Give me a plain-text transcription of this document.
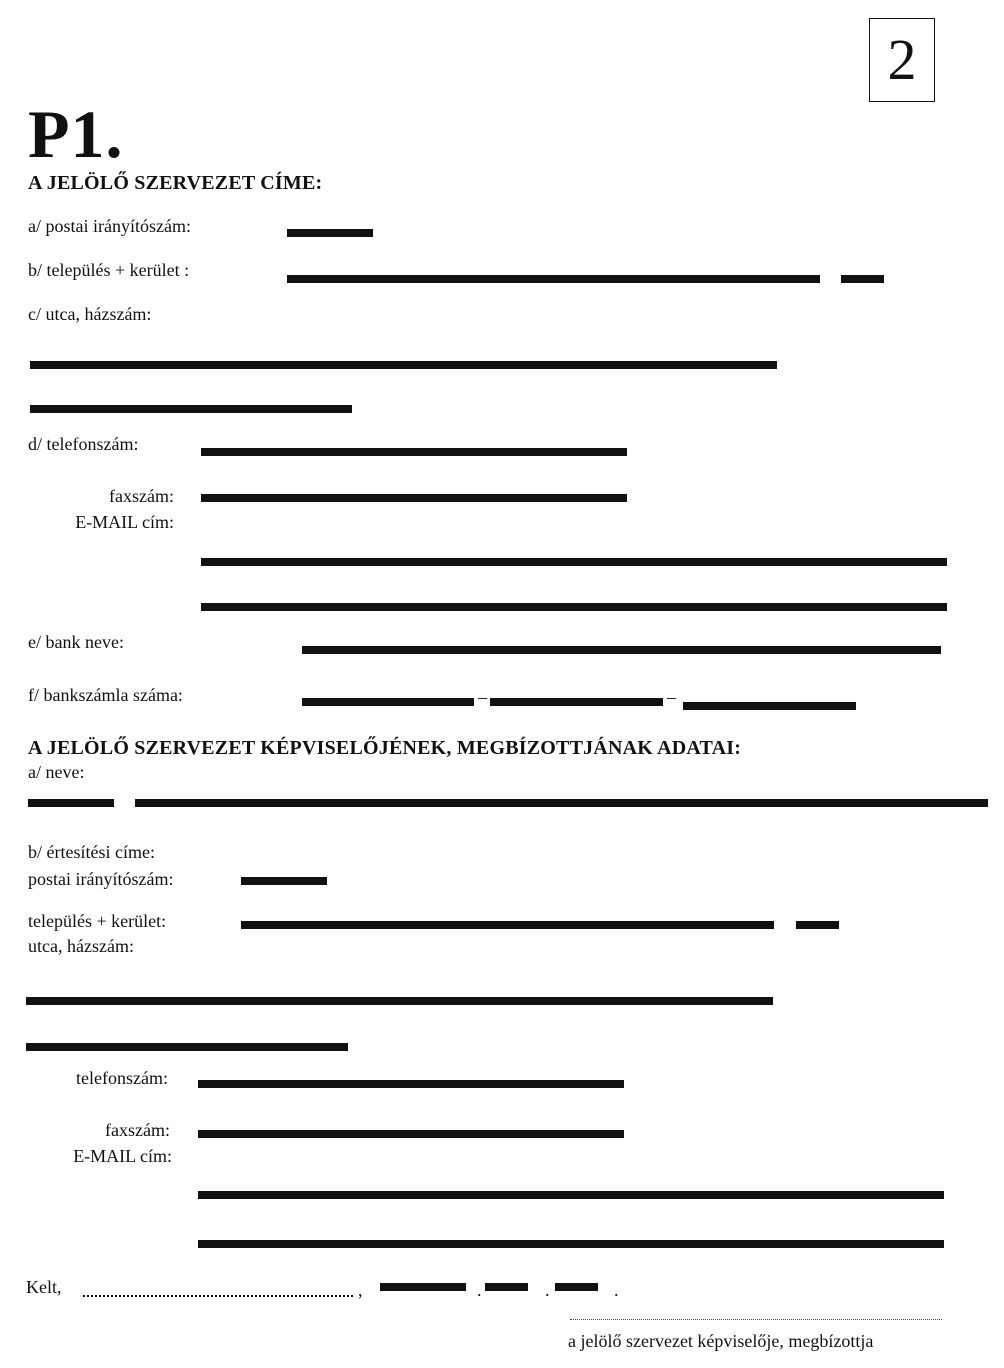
2
P1.
A JELÖLŐ SZERVEZET CÍME:
a/ postai irányítószám:
b/ település + kerület :
c/ utca, házszám:
d/ telefonszám:
faxszám:
E-MAIL cím:
e/ bank neve:
f/ bankszámla száma:	–	–
A JELÖLŐ SZERVEZET KÉPVISELŐJÉNEK, MEGBÍZOTTJÁNAK ADATAI:
a/ neve:
b/ értesítési címe:
postai irányítószám:
település + kerület:
utca, házszám:
telefonszám:
faxszám:
E-MAIL cím:
Kelt,	,	.	.	.
a jelölő szervezet képviselője, megbízottja
